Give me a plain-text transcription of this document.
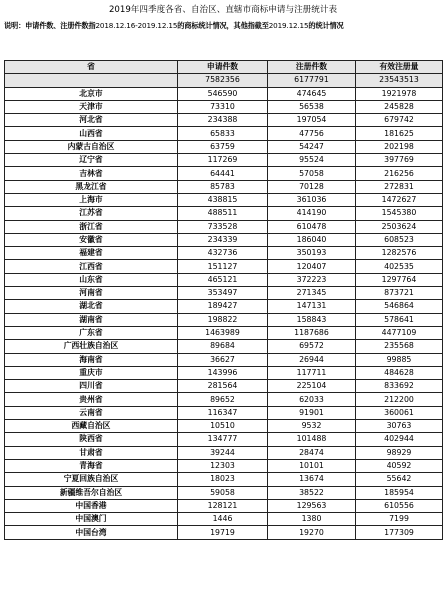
2019年四季度各省、自治区、直辖市商标申请与注册统计表
说明：申请件数、注册件数指2018.12.16-2019.12.15的商标统计情况，其他指截至2019.12.15的统计情况
省	申请件数	注册件数	有效注册量
	7582356	6177791	23543513
北京市	546590	474645	1921978
天津市	73310	56538	245828
河北省	234388	197054	679742
山西省	65833	47756	181625
内蒙古自治区	63759	54247	202198
辽宁省	117269	95524	397769
吉林省	64441	57058	216256
黑龙江省	85783	70128	272831
上海市	438815	361036	1472627
江苏省	488511	414190	1545380
浙江省	733528	610478	2503624
安徽省	234339	186040	608523
福建省	432736	350193	1282576
江西省	151127	120407	402535
山东省	465121	372223	1297764
河南省	353497	271345	873721
湖北省	189427	147131	546864
湖南省	198822	158843	578641
广东省	1463989	1187686	4477109
广西壮族自治区	89684	69572	235568
海南省	36627	26944	99885
重庆市	143996	117711	484628
四川省	281564	225104	833692
贵州省	89652	62033	212200
云南省	116347	91901	360061
西藏自治区	10510	9532	30763
陕西省	134777	101488	402944
甘肃省	39244	28474	98929
青海省	12303	10101	40592
宁夏回族自治区	18023	13674	55642
新疆维吾尔自治区	59058	38522	185954
中国香港	128121	129563	610556
中国澳门	1446	1380	7199
中国台湾	19719	19270	177309
